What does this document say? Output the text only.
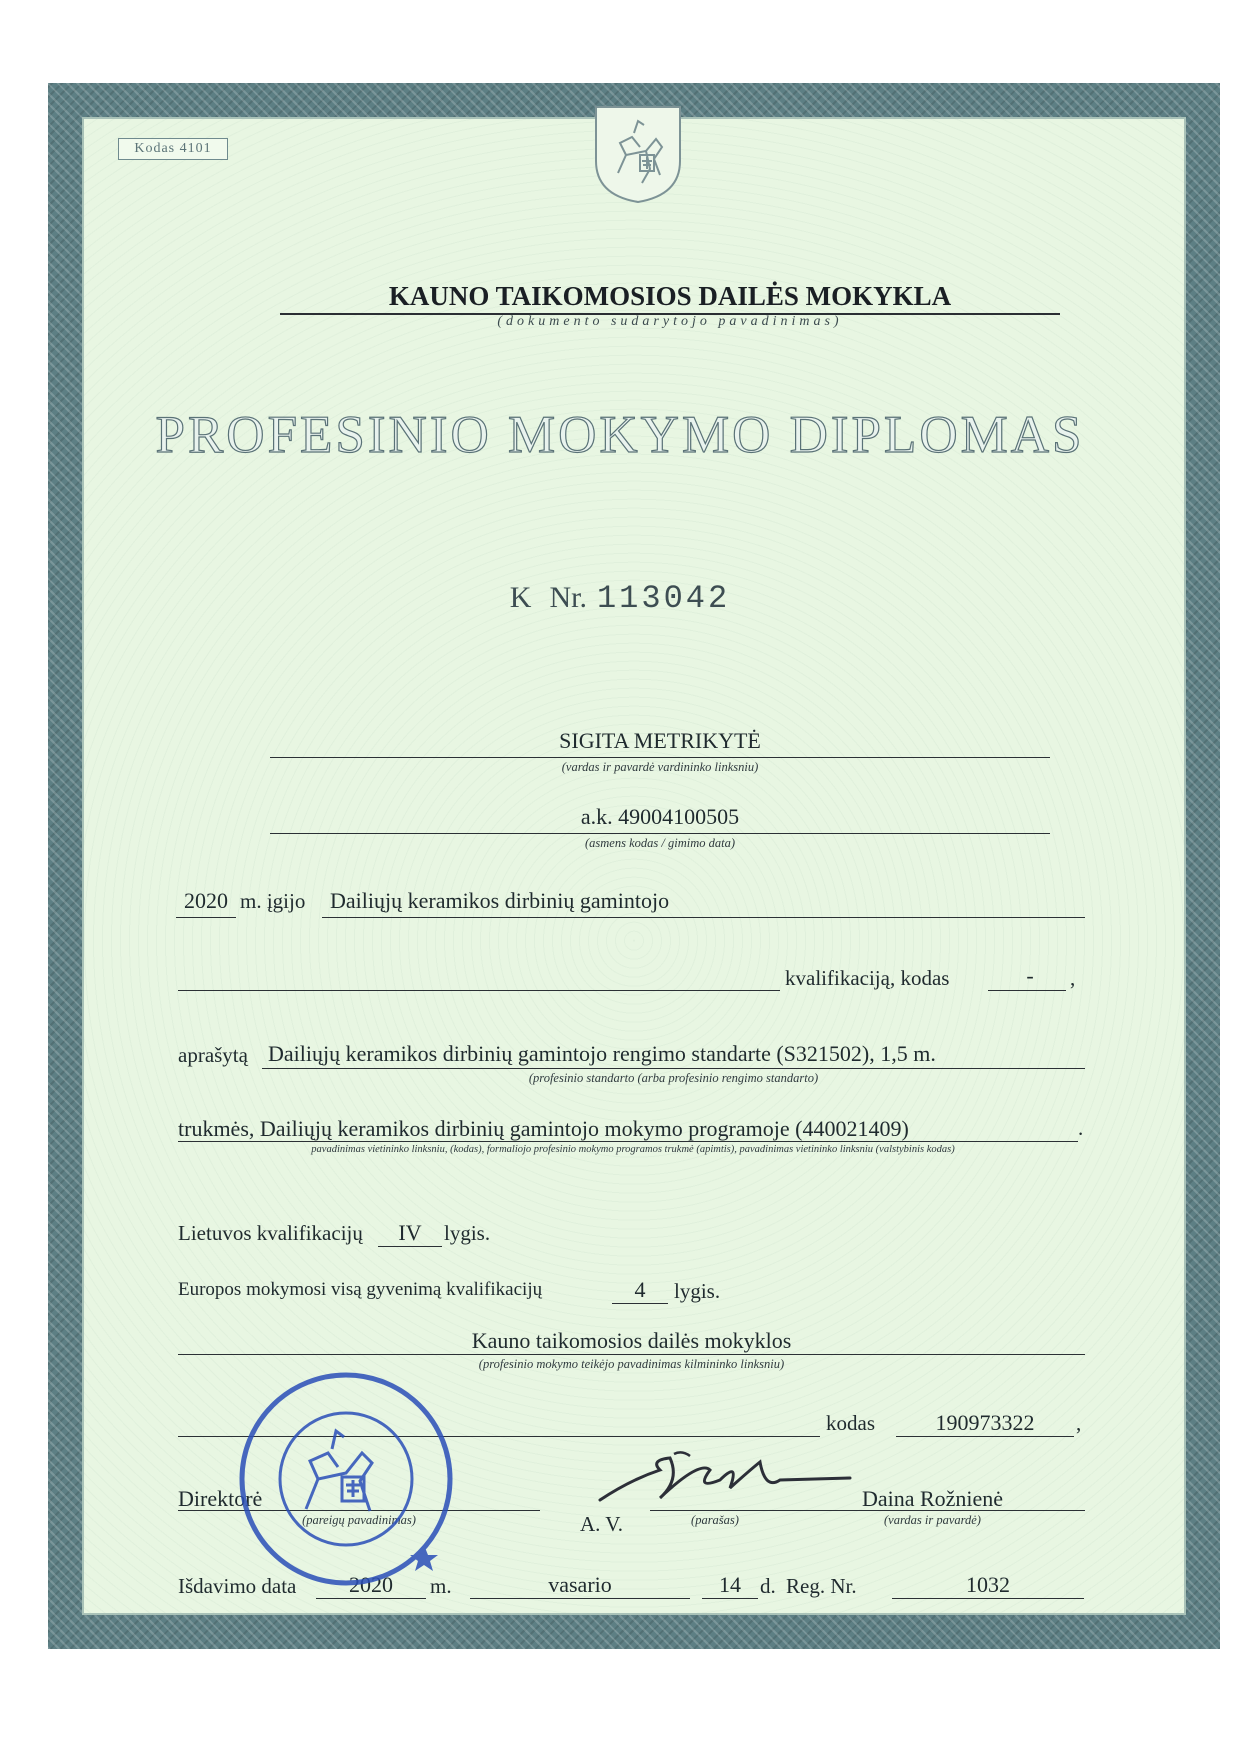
Kodas 4101
KAUNO TAIKOMOSIOS DAILĖS MOKYKLA
(dokumento sudarytojo pavadinimas)
PROFESINIO MOKYMO DIPLOMAS
K Nr. 113042
SIGITA METRIKYTĖ
(vardas ir pavardė vardininko linksniu)
a.k. 49004100505
(asmens kodas / gimimo data)
2020 m. įgijo Dailiųjų keramikos dirbinių gamintojo
kvalifikaciją, kodas	-	,
aprašytą Dailiųjų keramikos dirbinių gamintojo rengimo standarte (S321502), 1,5 m.
(profesinio standarto (arba profesinio rengimo standarto)
trukmės, Dailiųjų keramikos dirbinių gamintojo mokymo programoje (440021409)	.
pavadinimas vietininko linksniu, (kodas), formaliojo profesinio mokymo programos trukmė (apimtis), pavadinimas vietininko linksniu (valstybinis kodas)
Lietuvos kvalifikacijų	IV	lygis.
Europos mokymosi visą gyvenimą kvalifikacijų	4	lygis.
Kauno taikomosios dailės mokyklos
(profesinio mokymo teikėjo pavadinimas kilmininko linksniu)
kodas	190973322	,
Direktorė
(pareigų pavadinimas)	A. V.	(parašas)
Daina Rožnienė
(vardas ir pavardė)
Išdavimo data	2020	m.	vasario	14 d. Reg. Nr.	1032
